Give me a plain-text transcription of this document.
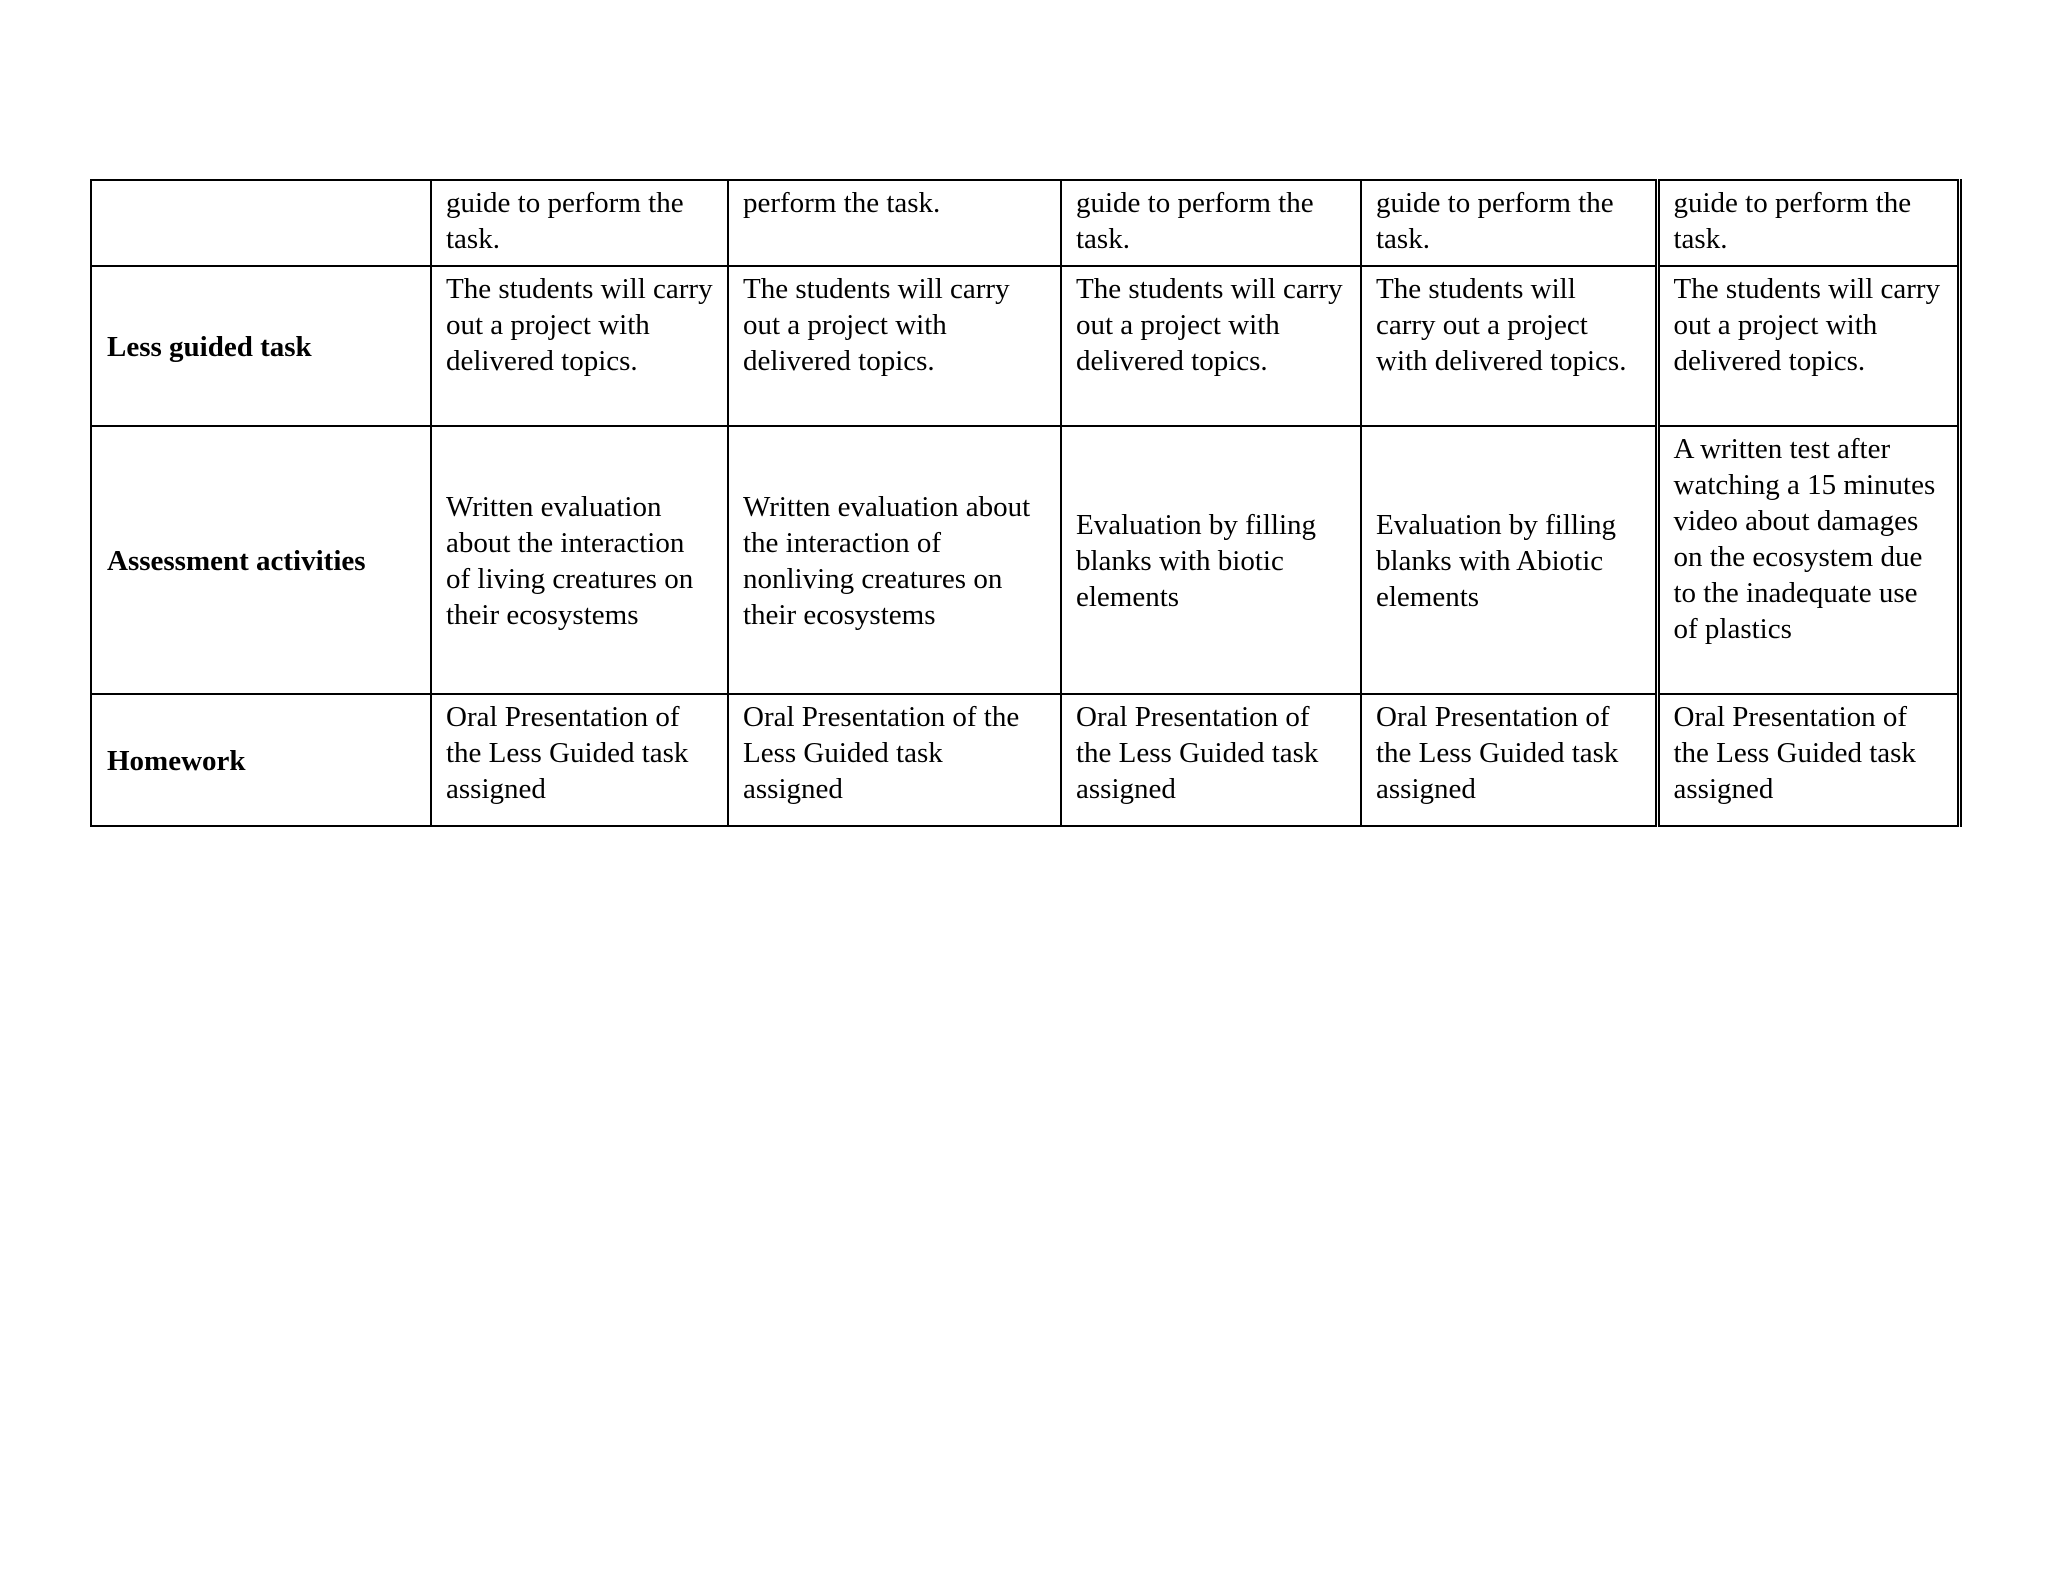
	guide to perform the task.	perform the task.	guide to perform the task.	guide to perform the task.	guide to perform the task.
Less guided task	The students will carry out a project with delivered topics.	The students will carry out a project with delivered topics.	The students will carry out a project with delivered topics.	The students will carry out a project with delivered topics.	The students will carry out a project with delivered topics.
Assessment activities	Written evaluation about the interaction of living creatures on their ecosystems	Written evaluation about the interaction of nonliving creatures on their ecosystems	Evaluation by filling blanks with biotic elements	Evaluation by filling blanks with Abiotic elements	A written test after watching a 15 minutes video about damages on the ecosystem due to the inadequate use of plastics
Homework	Oral Presentation of the Less Guided task assigned	Oral Presentation of the Less Guided task assigned	Oral Presentation of the Less Guided task assigned	Oral Presentation of the Less Guided task assigned	Oral Presentation of the Less Guided task assigned
